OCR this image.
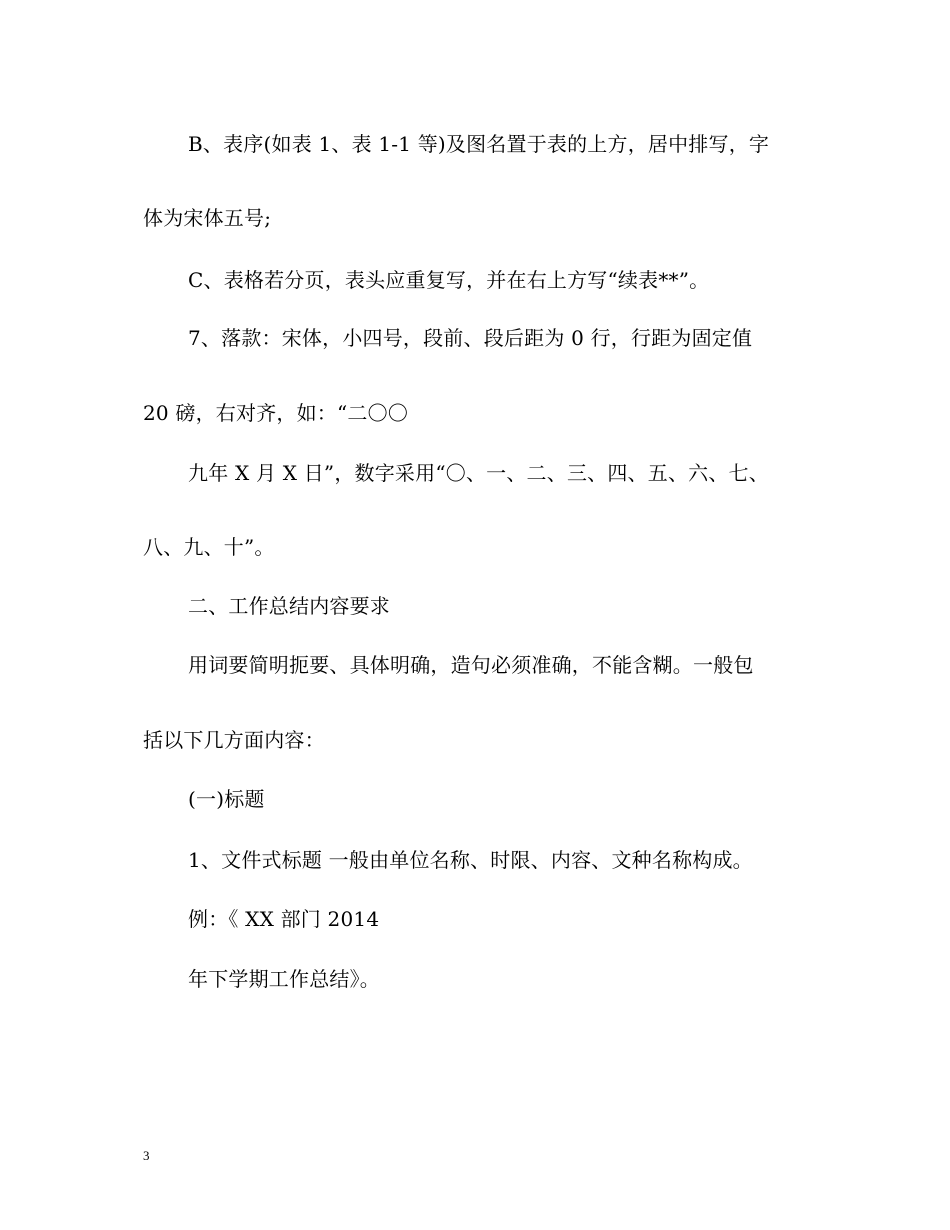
B、表序(如表 1、表 1-1 等)及图名置于表的上方，居中排写，字
体为宋体五号;
C、表格若分页，表头应重复写，并在右上方写“续表**”。
7、落款：宋体，小四号，段前、段后距为 0 行，行距为固定值
20 磅，右对齐，如：“二〇〇
九年 X 月 X 日”，数字采用“〇、一、二、三、四、五、六、七、
八、九、十”。
二、工作总结内容要求
用词要简明扼要、具体明确，造句必须准确，不能含糊。一般包
括以下几方面内容：
(一)标题
1、文件式标题 一般由单位名称、时限、内容、文种名称构成。
例：《 XX 部门 2014
年下学期工作总结》。
3
